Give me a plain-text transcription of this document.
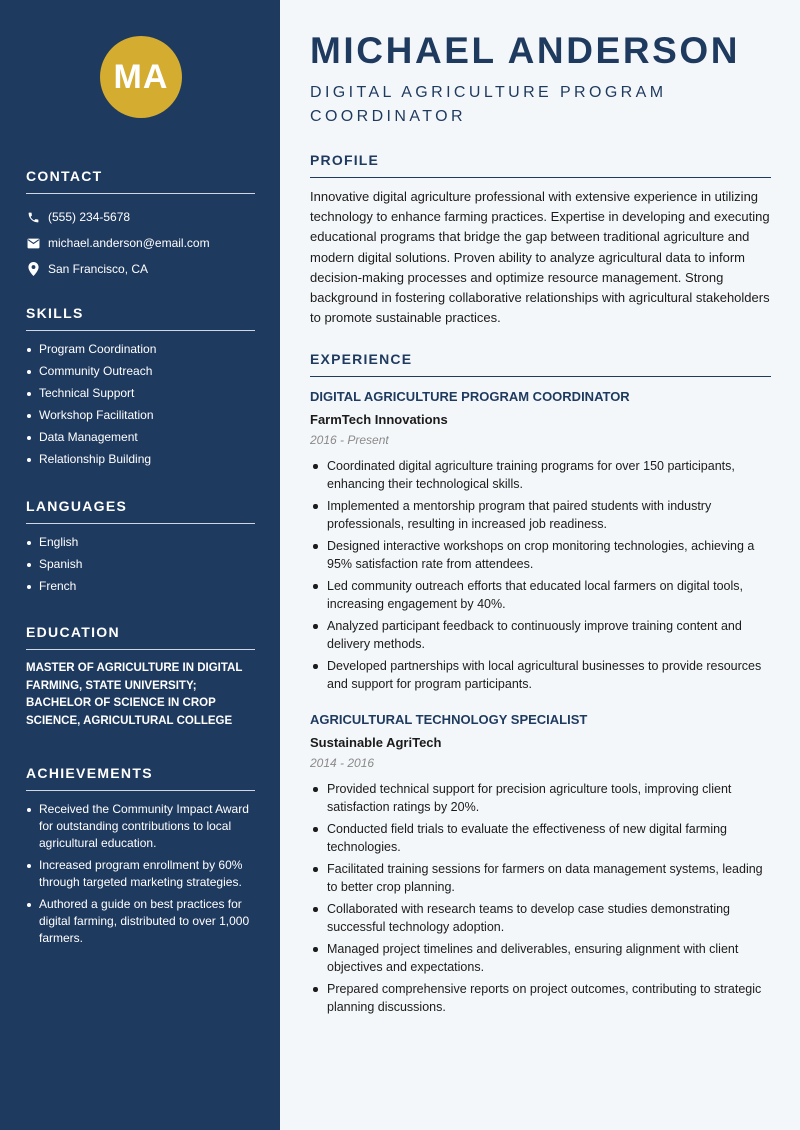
MA
CONTACT
(555) 234-5678
michael.anderson@email.com
San Francisco, CA
SKILLS
Program Coordination
Community Outreach
Technical Support
Workshop Facilitation
Data Management
Relationship Building
LANGUAGES
English
Spanish
French
EDUCATION
MASTER OF AGRICULTURE IN DIGITAL FARMING, STATE UNIVERSITY; BACHELOR OF SCIENCE IN CROP SCIENCE, AGRICULTURAL COLLEGE
ACHIEVEMENTS
Received the Community Impact Award for outstanding contributions to local agricultural education.
Increased program enrollment by 60% through targeted marketing strategies.
Authored a guide on best practices for digital farming, distributed to over 1,000 farmers.
MICHAEL ANDERSON
DIGITAL AGRICULTURE PROGRAM COORDINATOR
PROFILE
Innovative digital agriculture professional with extensive experience in utilizing technology to enhance farming practices. Expertise in developing and executing educational programs that bridge the gap between traditional agriculture and modern digital solutions. Proven ability to analyze agricultural data to inform decision-making processes and optimize resource management. Strong background in fostering collaborative relationships with agricultural stakeholders to promote sustainable practices.
EXPERIENCE
DIGITAL AGRICULTURE PROGRAM COORDINATOR
FarmTech Innovations
2016 - Present
Coordinated digital agriculture training programs for over 150 participants, enhancing their technological skills.
Implemented a mentorship program that paired students with industry professionals, resulting in increased job readiness.
Designed interactive workshops on crop monitoring technologies, achieving a 95% satisfaction rate from attendees.
Led community outreach efforts that educated local farmers on digital tools, increasing engagement by 40%.
Analyzed participant feedback to continuously improve training content and delivery methods.
Developed partnerships with local agricultural businesses to provide resources and support for program participants.
AGRICULTURAL TECHNOLOGY SPECIALIST
Sustainable AgriTech
2014 - 2016
Provided technical support for precision agriculture tools, improving client satisfaction ratings by 20%.
Conducted field trials to evaluate the effectiveness of new digital farming technologies.
Facilitated training sessions for farmers on data management systems, leading to better crop planning.
Collaborated with research teams to develop case studies demonstrating successful technology adoption.
Managed project timelines and deliverables, ensuring alignment with client objectives and expectations.
Prepared comprehensive reports on project outcomes, contributing to strategic planning discussions.
